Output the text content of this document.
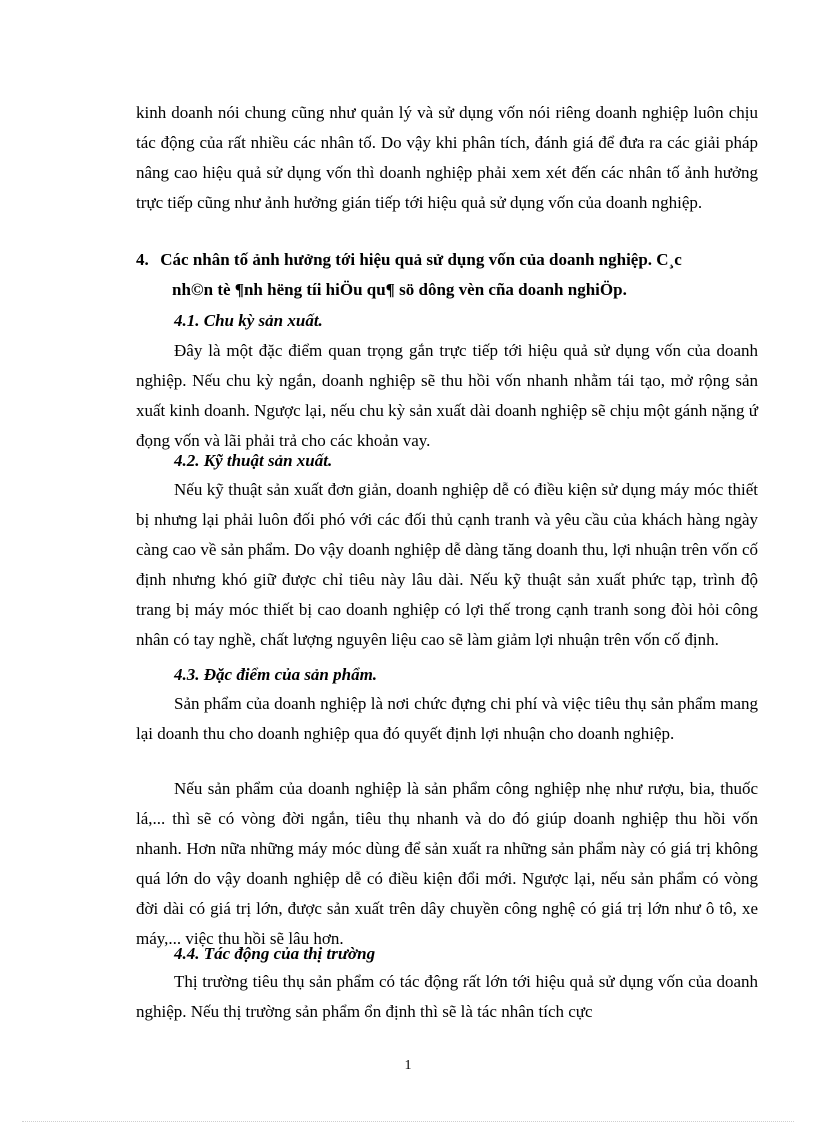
kinh doanh nói chung cũng như quản lý và sử dụng vốn nói riêng doanh nghiệp luôn chịu tác động của rất nhiều các nhân tố. Do vậy khi phân tích, đánh giá để đưa ra các giải pháp nâng cao hiệu quả sử dụng vốn thì doanh nghiệp phải xem xét đến các nhân tố ảnh hưởng trực tiếp cũng như ảnh hưởng gián tiếp tới hiệu quả sử dụng vốn của doanh nghiệp.

4. Các nhân tố ảnh hưởng tới hiệu quả sử dụng vốn của doanh nghiệp. C¸c
nh©n tè ¶nh hëng tíi hiÖu qu¶ sö dông vèn cña doanh nghiÖp.

4.1. Chu kỳ sản xuất.

Đây là một đặc điểm quan trọng gắn trực tiếp tới hiệu quả sử dụng vốn của doanh nghiệp. Nếu chu kỳ ngắn, doanh nghiệp sẽ thu hồi vốn nhanh nhằm tái tạo, mở rộng sản xuất kinh doanh. Ngược lại, nếu chu kỳ sản xuất dài doanh nghiệp sẽ chịu một gánh nặng ứ đọng vốn và lãi phải trả cho các khoản vay.

4.2. Kỹ thuật sản xuất.

Nếu kỹ thuật sản xuất đơn giản, doanh nghiệp dễ có điều kiện sử dụng máy móc thiết bị nhưng lại phải luôn đối phó với các đối thủ cạnh tranh và yêu cầu của khách hàng ngày càng cao về sản phẩm. Do vậy doanh nghiệp dễ dàng tăng doanh thu, lợi nhuận trên vốn cố định nhưng khó giữ được chỉ tiêu này lâu dài. Nếu kỹ thuật sản xuất phức tạp, trình độ trang bị máy móc thiết bị cao doanh nghiệp có lợi thế trong cạnh tranh song đòi hỏi công nhân có tay nghề, chất lượng nguyên liệu cao sẽ làm giảm lợi nhuận trên vốn cố định.

4.3. Đặc điểm của sản phẩm.

Sản phẩm của doanh nghiệp là nơi chức đựng chi phí và việc tiêu thụ sản phẩm mang lại doanh thu cho doanh nghiệp qua đó quyết định lợi nhuận cho doanh nghiệp.

Nếu sản phẩm của doanh nghiệp là sản phẩm công nghiệp nhẹ như rượu, bia, thuốc lá,... thì sẽ có vòng đời ngắn, tiêu thụ nhanh và do đó giúp doanh nghiệp thu hồi vốn nhanh. Hơn nữa những máy móc dùng để sản xuất ra những sản phẩm này có giá trị không quá lớn do vậy doanh nghiệp dễ có điều kiện đổi mới. Ngược lại, nếu sản phẩm có vòng đời dài có giá trị lớn, được sản xuất trên dây chuyền công nghệ có giá trị lớn như ô tô, xe máy,... việc thu hồi sẽ lâu hơn.

4.4. Tác động của thị trường

Thị trường tiêu thụ sản phẩm có tác động rất lớn tới hiệu quả sử dụng vốn của doanh nghiệp. Nếu thị trường sản phẩm ổn định thì sẽ là tác nhân tích cực

1
